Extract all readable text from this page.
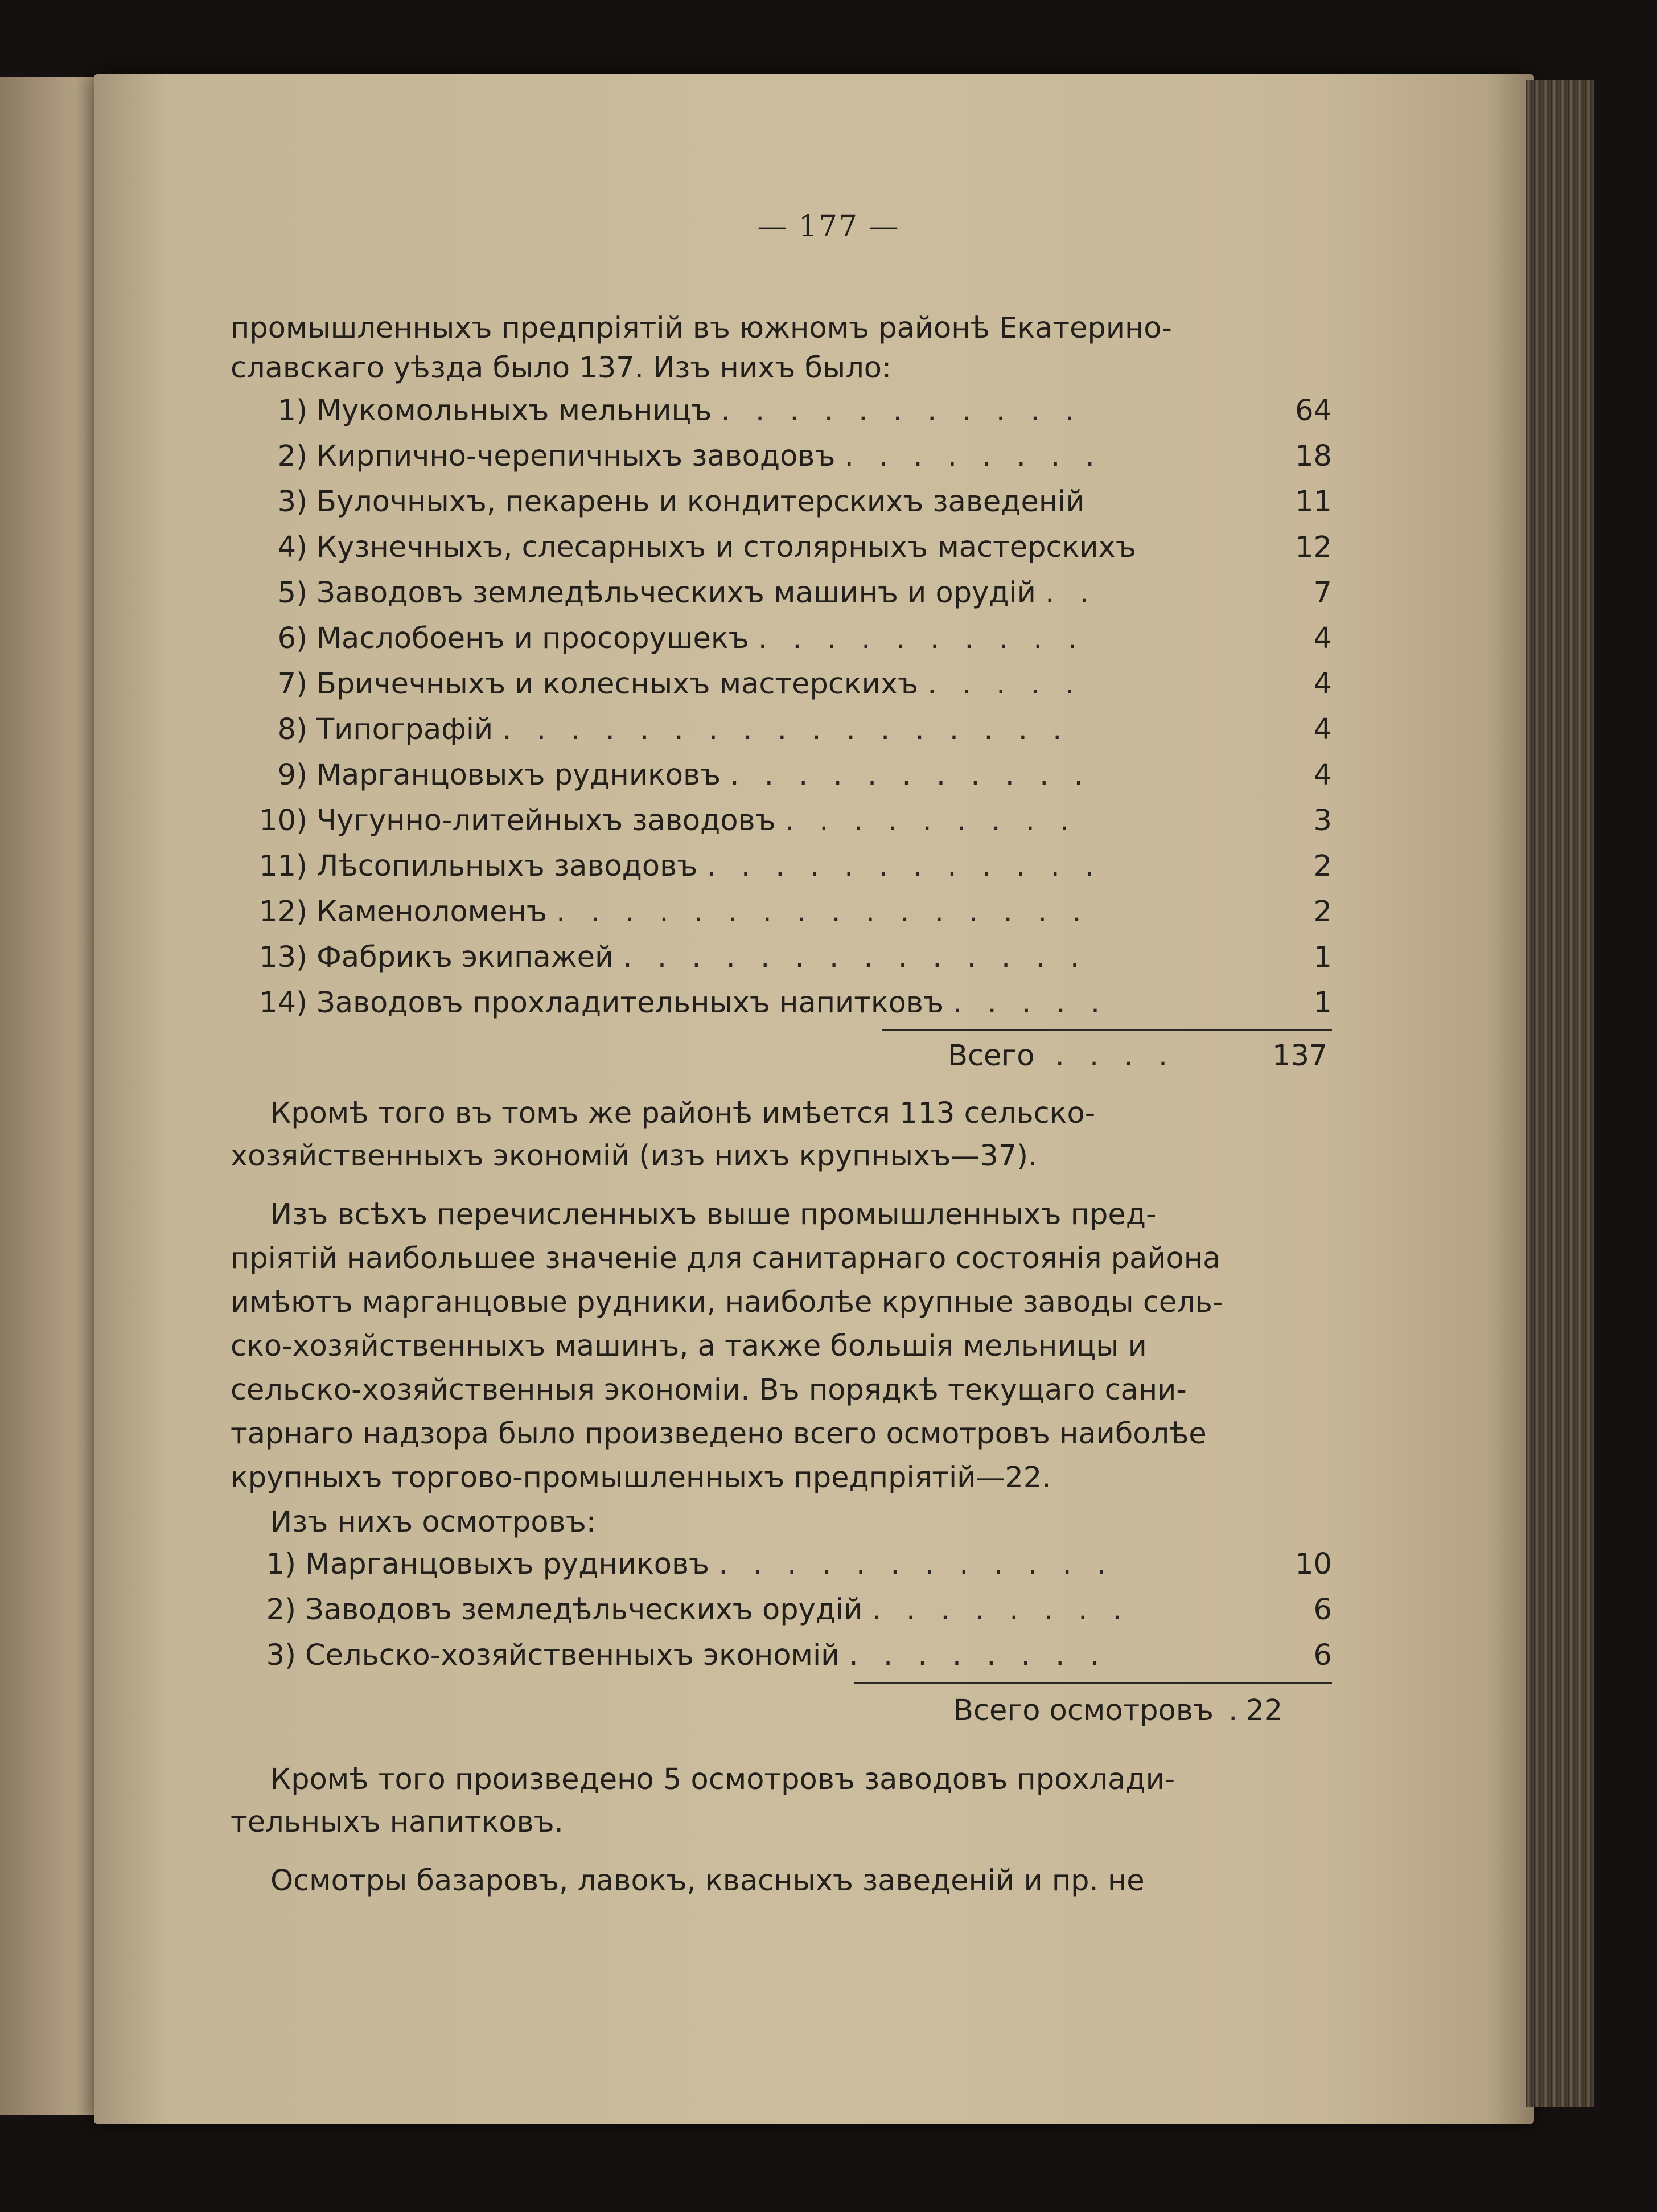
— 177 —
промышленныхъ предпріятій въ южномъ районѣ Екатерино-
славскаго уѣзда было 137. Изъ нихъ было:
1) Мукомольныхъ мельницъ . . . . . . . . . . .	64
2) Кирпично-черепичныхъ заводовъ . . . . . . . .	18
3) Булочныхъ, пекарень и кондитерскихъ заведеній	11
4) Кузнечныхъ, слесарныхъ и столярныхъ мастерскихъ	12
5) Заводовъ земледѣльческихъ машинъ и орудій . .	7
6) Маслобоенъ и просорушекъ . . . . . . . . . .	4
7) Бричечныхъ и колесныхъ мастерскихъ . . . . .	4
8) Типографій . . . . . . . . . . . . . . . . .	4
9) Марганцовыхъ рудниковъ . . . . . . . . . . .	4
10) Чугунно-литейныхъ заводовъ . . . . . . . . .	3
11) Лѣсопильныхъ заводовъ . . . . . . . . . . . .	2
12) Каменоломенъ . . . . . . . . . . . . . . . .	2
13) Фабрикъ экипажей . . . . . . . . . . . . . .	1
14) Заводовъ прохладительныхъ напитковъ . . . . .	1
Всего . . . .	137
Кромѣ того въ томъ же районѣ имѣется 113 сельско-
хозяйственныхъ экономій (изъ нихъ крупныхъ—37).
Изъ всѣхъ перечисленныхъ выше промышленныхъ пред-
пріятій наибольшее значеніе для санитарнаго состоянія района
имѣютъ марганцовые рудники, наиболѣе крупные заводы сель-
ско-хозяйственныхъ машинъ, а также большія мельницы и
сельско-хозяйственныя экономіи. Въ порядкѣ текущаго сани-
тарнаго надзора было произведено всего осмотровъ наиболѣе
крупныхъ торгово-промышленныхъ предпріятій—22.
Изъ нихъ осмотровъ:
1) Марганцовыхъ рудниковъ . . . . . . . . . . . .	10
2) Заводовъ земледѣльческихъ орудій . . . . . . . .	6
3) Сельско-хозяйственныхъ экономій . . . . . . . .	6
Всего осмотровъ .22
Кромѣ того произведено 5 осмотровъ заводовъ прохлади-
тельныхъ напитковъ.
Осмотры базаровъ, лавокъ, квасныхъ заведеній и пр. не
